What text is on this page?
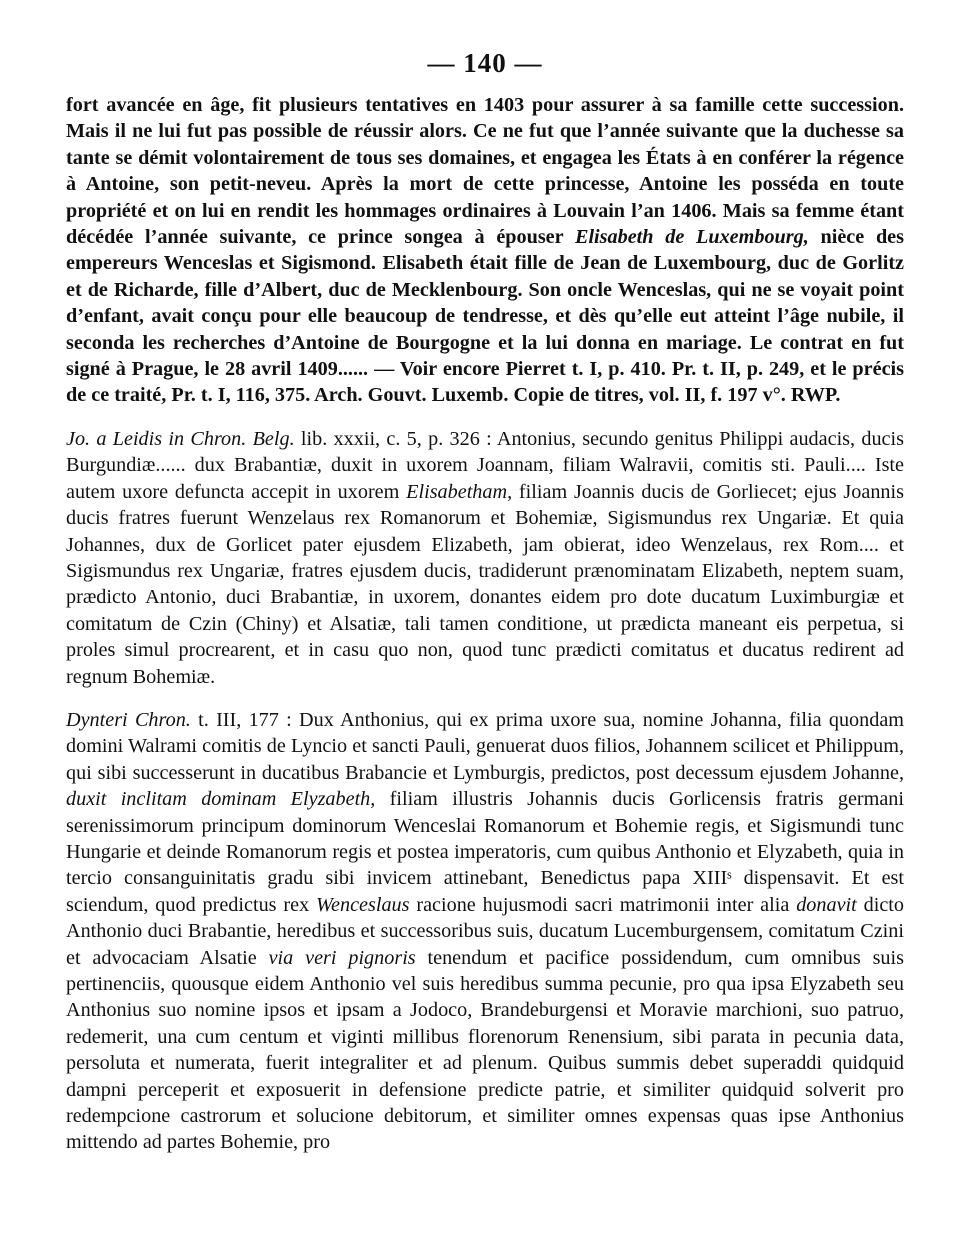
— 140 —

fort avancée en âge, fit plusieurs tentatives en 1403 pour assurer à sa famille cette succession. Mais il ne lui fut pas possible de réussir alors. Ce ne fut que l’année suivante que la duchesse sa tante se démit volontairement de tous ses domaines, et engagea les États à en conférer la régence à Antoine, son petit-neveu. Après la mort de cette princesse, Antoine les posséda en toute propriété et on lui en rendit les hommages ordinaires à Louvain l’an 1406. Mais sa femme étant décédée l’année suivante, ce prince songea à épouser Elisabeth de Luxembourg, nièce des empereurs Wenceslas et Sigismond. Elisabeth était fille de Jean de Luxembourg, duc de Gorlitz et de Richarde, fille d’Albert, duc de Mecklenbourg. Son oncle Wenceslas, qui ne se voyait point d’enfant, avait conçu pour elle beaucoup de tendresse, et dès qu’elle eut atteint l’âge nubile, il seconda les recherches d’Antoine de Bourgogne et la lui donna en mariage. Le contrat en fut signé à Prague, le 28 avril 1409...... — Voir encore Pierret t. I, p. 410. Pr. t. II, p. 249, et le précis de ce traité, Pr. t. I, 116, 375. Arch. Gouvt. Luxemb. Copie de titres, vol. II, f. 197 v°. RWP.

Jo. a Leidis in Chron. Belg. lib. xxxii, c. 5, p. 326 : Antonius, secundo genitus Philippi audacis, ducis Burgundiæ...... dux Brabantiæ, duxit in uxorem Joannam, filiam Walravii, comitis sti. Pauli.... Iste autem uxore defuncta accepit in uxorem Elisabetham, filiam Joannis ducis de Gorliecet; ejus Joannis ducis fratres fuerunt Wenzelaus rex Romanorum et Bohemiæ, Sigismundus rex Ungariæ. Et quia Johannes, dux de Gorlicet pater ejusdem Elizabeth, jam obierat, ideo Wenzelaus, rex Rom.... et Sigismundus rex Ungariæ, fratres ejusdem ducis, tradiderunt prænominatam Elizabeth, neptem suam, prædicto Antonio, duci Brabantiæ, in uxorem, donantes eidem pro dote ducatum Luximburgiæ et comitatum de Czin (Chiny) et Alsatiæ, tali tamen conditione, ut prædicta maneant eis perpetua, si proles simul procrearent, et in casu quo non, quod tunc prædicti comitatus et ducatus redirent ad regnum Bohemiæ.

Dynteri Chron. t. III, 177 : Dux Anthonius, qui ex prima uxore sua, nomine Johanna, filia quondam domini Walrami comitis de Lyncio et sancti Pauli, genuerat duos filios, Johannem scilicet et Philippum, qui sibi successerunt in ducatibus Brabancie et Lymburgis, predictos, post decessum ejusdem Johanne, duxit inclitam dominam Elyzabeth, filiam illustris Johannis ducis Gorlicensis fratris germani serenissimorum principum dominorum Wenceslai Romanorum et Bohemie regis, et Sigismundi tunc Hungarie et deinde Romanorum regis et postea imperatoris, cum quibus Anthonio et Elyzabeth, quia in tercio consanguinitatis gradu sibi invicem attinebant, Benedictus papa XIIIˢ dispensavit. Et est sciendum, quod predictus rex Wenceslaus racione hujusmodi sacri matrimonii inter alia donavit dicto Anthonio duci Brabantie, heredibus et successoribus suis, ducatum Lucemburgensem, comitatum Czini et advocaciam Alsatie via veri pignoris tenendum et pacifice possidendum, cum omnibus suis pertinenciis, quousque eidem Anthonio vel suis heredibus summa pecunie, pro qua ipsa Elyzabeth seu Anthonius suo nomine ipsos et ipsam a Jodoco, Brandeburgensi et Moravie marchioni, suo patruo, redemerit, una cum centum et viginti millibus florenorum Renensium, sibi parata in pecunia data, persoluta et numerata, fuerit integraliter et ad plenum. Quibus summis debet superaddi quidquid dampni perceperit et exposuerit in defensione predicte patrie, et similiter quidquid solverit pro redempcione castrorum et solucione debitorum, et similiter omnes expensas quas ipse Anthonius mittendo ad partes Bohemie, pro
